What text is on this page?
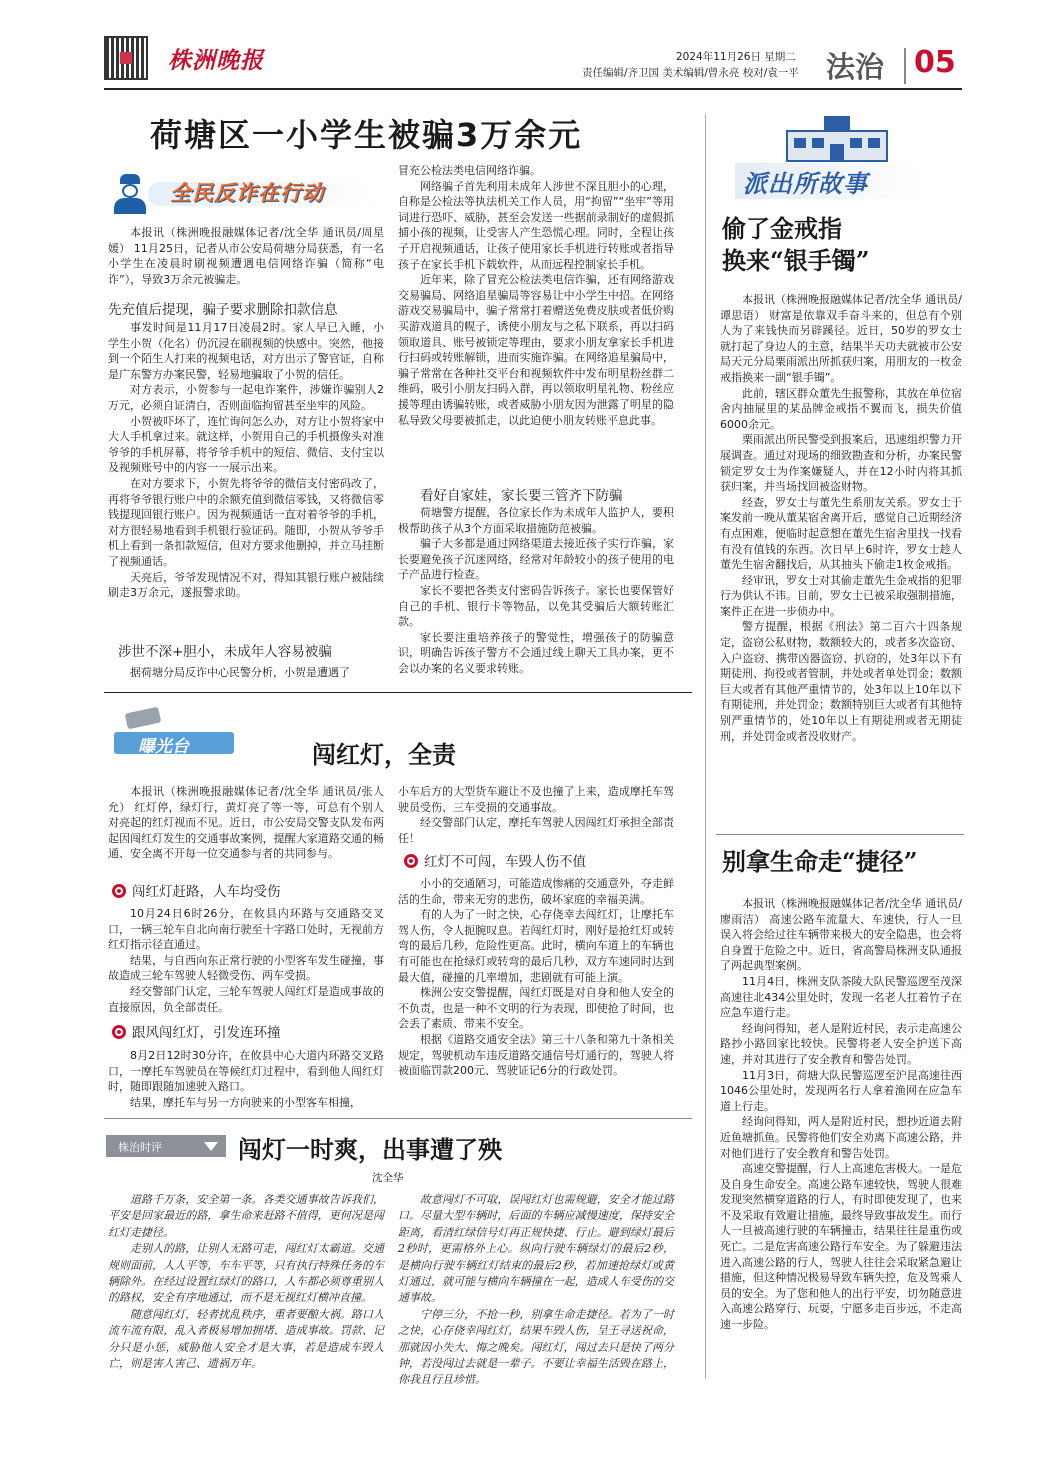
株洲晚报	2024年11月26日 星期二
责任编辑/齐卫国 美术编辑/曾永亮 校对/袁一平 法治 05
荷塘区一小学生被骗3万余元
全民反诈在行动

本报讯（株洲晚报融媒体记者/沈全华 通讯员/周星媛） 11月25日，记者从市公安局荷塘分局获悉，有一名小学生在凌晨时刷视频遭遇电信网络诈骗（简称“电诈”），导致3万余元被骗走。

先充值后提现，骗子要求删除扣款信息

事发时间是11月17日凌晨2时。家人早已入睡，小学生小贺（化名）仍沉浸在刷视频的快感中。突然，他接到一个陌生人打来的视频电话，对方出示了警官证，自称是广东警方办案民警，轻易地骗取了小贺的信任。

对方表示，小贺参与一起电诈案件，涉嫌诈骗别人2万元，必须自证清白，否则面临拘留甚至坐牢的风险。

小贺被吓坏了，连忙询问怎么办，对方让小贺将家中大人手机拿过来。就这样，小贺用自己的手机摄像头对准爷爷的手机屏幕，将爷爷手机中的短信、微信、支付宝以及视频账号中的内容一一展示出来。

在对方要求下，小贺先将爷爷的微信支付密码改了，再将爷爷银行账户中的余额充值到微信零钱，又将微信零钱提现回银行账户。因为视频通话一直对着爷爷的手机，对方很轻易地看到手机银行验证码。随即，小贺从爷爷手机上看到一条扣款短信，但对方要求他删掉，并立马挂断了视频通话。

天亮后，爷爷发现情况不对，得知其银行账户被陆续刷走3万余元，遂报警求助。

涉世不深+胆小，未成年人容易被骗

据荷塘分局反诈中心民警分析，小贺是遭遇了

冒充公检法类电信网络诈骗。

网络骗子首先利用未成年人涉世不深且胆小的心理，自称是公检法等执法机关工作人员，用“拘留”“坐牢”等用词进行恐吓、威胁，甚至会发送一些据前录制好的虚假抓捕小孩的视频，让受害人产生恐慌心理。同时，全程让孩子开启视频通话，让孩子使用家长手机进行转账或者指导孩子在家长手机下载软件，从而远程控制家长手机。

近年来，除了冒充公检法类电信诈骗，还有网络游戏交易骗局、网络追星骗局等容易让中小学生中招。在网络游戏交易骗局中，骗子常常打着赠送免费皮肤或者低价购买游戏道具的幌子，诱使小朋友与之私下联系，再以扫码领取道具、账号被锁定等理由，要求小朋友拿家长手机进行扫码或转账解锁，进而实施诈骗。在网络追星骗局中，骗子常常在各种社交平台和视频软件中发布明星粉丝群二维码，吸引小朋友扫码入群，再以领取明星礼物、粉丝应援等理由诱骗转账，或者威胁小朋友因为泄露了明星的隐私导致父母要被抓走，以此迫使小朋友转账平息此事。

看好自家娃，家长要三管齐下防骗

荷塘警方提醒，各位家长作为未成年人监护人，要积极帮助孩子从3个方面采取措施防范被骗。

骗子大多都是通过网络渠道去接近孩子实行诈骗，家长要避免孩子沉迷网络，经常对年龄较小的孩子使用的电子产品进行检查。

家长不要把各类支付密码告诉孩子。家长也要保管好自己的手机、银行卡等物品，以免其受骗后大额转账汇款。

家长要注重培养孩子的警觉性，增强孩子的防骗意识，明确告诉孩子警方不会通过线上聊天工具办案，更不会以办案的名义要求转账。

曝光台	闯红灯，全责

本报讯（株洲晚报融媒体记者/沈全华 通讯员/张人允） 红灯停，绿灯行，黄灯亮了等一等，可总有个别人对亮起的红灯视而不见。近日，市公安局交警支队发布两起因闯红灯发生的交通事故案例，提醒大家道路交通的畅通、安全离不开每一位交通参与者的共同参与。

闯红灯赶路，人车均受伤

10月24日6时26分，在攸县内环路与交通路交叉口，一辆三轮车自北向南行驶至十字路口处时，无视前方红灯指示径直通过。

结果，与自西向东正常行驶的小型客车发生碰撞，事故造成三轮车驾驶人轻微受伤、两车受损。

经交警部门认定，三轮车驾驶人闯红灯是造成事故的直接原因，负全部责任。

跟风闯红灯，引发连环撞

8月2日12时30分许，在攸县中心大道内环路交叉路口，一摩托车驾驶员在等候红灯过程中，看到他人闯红灯时，随即跟随加速驶入路口。

结果，摩托车与另一方向驶来的小型客车相撞，

小车后方的大型货车避让不及也撞了上来，造成摩托车驾驶员受伤、三车受损的交通事故。

经交警部门认定，摩托车驾驶人因闯红灯承担全部责任！

红灯不可闯，车毁人伤不值

小小的交通陋习，可能造成惨痛的交通意外，夺走鲜活的生命，带来无穷的悲伤，破坏家庭的幸福美满。

有的人为了一时之快，心存侥幸去闯红灯，让摩托车驾人伤，令人扼腕叹息。若闯红灯时，刚好是抢红灯或转弯的最后几秒，危险性更高。此时，横向车道上的车辆也有可能也在抢绿灯或转弯的最后几秒，双方车速同时达到最大值，碰撞的几率增加，悲剧就有可能上演。

株洲公安交警提醒，闯红灯既是对自身和他人安全的不负责，也是一种不文明的行为表现，即使抢了时间，也会丢了素质、带来不安全。

根据《道路交通安全法》第三十八条和第九十条相关规定，驾驶机动车违反道路交通信号灯通行的，驾驶人将被面临罚款200元、驾驶证记6分的行政处罚。

株治时评	闯灯一时爽，出事遭了殃
沈全华

道路千万条，安全第一条。各类交通事故告诉我们，平安是回家最近的路，拿生命来赶路不值得，更何况是闯红灯走捷径。

走别人的路，让别人无路可走，闯红灯太霸道。交通规则面前，人人平等，车车平等，只有执行特殊任务的车辆除外。在经过设置红绿灯的路口，人车都必须尊重别人的路权，安全有序地通过，而不是无视红灯横冲直撞。

随意闯红灯，轻者扰乱秩序，重者要酿大祸。路口人流车流有限，乱入者极易增加拥堵、造成事故。罚款、记分只是小惩，威胁他人安全才是大事，若是造成车毁人亡，则是害人害己、遗祸万年。

故意闯灯不可取，误闯红灯也需规避，安全才能过路口。尽量大型车辆时，后面的车辆应减慢速度，保持安全距离，看清红绿信号灯再正规快捷、行止。避到绿灯最后2秒时，更需格外上心。纵向行驶车辆绿灯的最后2秒，是横向行驶车辆红灯结束的最后2秒，若加速抢绿灯或黄灯通过，就可能与横向车辆撞在一起，造成人车受伤的交通事故。

宁停三分，不抢一秒，别拿生命走捷径。若为了一时之快，心存侥幸闯红灯，结果车毁人伤，呈王寻送祝命，那就因小失大、悔之晚矣。闯红灯，闯过去只是快了两分钟，若没闯过去就是一辈子。不要让幸福生活毁在路上，你我且行且珍惜。

派出所故事
偷了金戒指
换来“银手镯”

本报讯（株洲晚报融媒体记者/沈全华 通讯员/谭思语） 财富是依靠双手奋斗来的，但总有个别人为了来钱快而另辟蹊径。近日，50岁的罗女士就打起了身边人的主意，结果半天功夫就被市公安局天元分局栗雨派出所抓获归案，用朋友的一枚金戒指换来一副“银手镯”。

此前，辖区群众董先生报警称，其放在单位宿舍内抽屉里的某品牌金戒指不翼而飞，损失价值6000余元。

栗雨派出所民警受到报案后，迅速组织警力开展调查。通过对现场的细致勘查和分析，办案民警锁定罗女士为作案嫌疑人，并在12小时内将其抓获归案，并当场找回被盗财物。

经查，罗女士与董先生系朋友关系。罗女士于案发前一晚从董某宿舍离开后，感觉自己近期经济有点困难，便临时起意想在董先生宿舍里找一找看有没有值钱的东西。次日早上6时许，罗女士趁人董先生宿舍翻找后，从其抽头下偷走1枚金戒指。

经审讯，罗女士对其偷走董先生金戒指的犯罪行为供认不讳。目前，罗女士已被采取强制措施，案件正在进一步侦办中。

警方提醒，根据《刑法》第二百六十四条规定，盗窃公私财物，数额较大的，或者多次盗窃、入户盗窃、携带凶器盗窃、扒窃的，处3年以下有期徒刑、拘役或者管制，并处或者单处罚金；数额巨大或者有其他严重情节的，处3年以上10年以下有期徒刑，并处罚金；数额特别巨大或者有其他特别严重情节的，处10年以上有期徒刑或者无期徒刑，并处罚金或者没收财产。

别拿生命走“捷径”

本报讯（株洲晚报融媒体记者/沈全华 通讯员/廖雨洁） 高速公路车流量大、车速快，行人一旦误入将会给过往车辆带来极大的安全隐患，也会将自身置于危险之中。近日，省高警局株洲支队通报了两起典型案例。

11月4日，株洲支队茶陵大队民警巡逻至茂深高速往北434公里处时，发现一名老人扛着竹子在应急车道行走。

经询问得知，老人是附近村民，表示走高速公路抄小路回家比较快。民警将老人安全护送下高速，并对其进行了安全教育和警告处罚。

11月3日，荷塘大队民警巡逻至沪昆高速往西1046公里处时，发现两名行人拿着渔网在应急车道上行走。

经询问得知，两人是附近村民，想抄近道去附近鱼塘抓鱼。民警将他们安全劝离下高速公路，并对他们进行了安全教育和警告处罚。

高速交警提醒，行人上高速危害极大。一是危及自身生命安全。高速公路车速较快，驾驶人很难发现突然横穿道路的行人，有时即使发现了，也来不及采取有效避让措施，最终导致事故发生。而行人一旦被高速行驶的车辆撞击，结果往往是重伤或死亡。二是危害高速公路行车安全。为了躲避违法进入高速公路的行人，驾驶人往往会采取紧急避让措施，但这种情况极易导致车辆失控，危及驾乘人员的安全。为了您和他人的出行平安，切勿随意进入高速公路穿行、玩耍，宁愿多走百步远，不走高速一步险。
